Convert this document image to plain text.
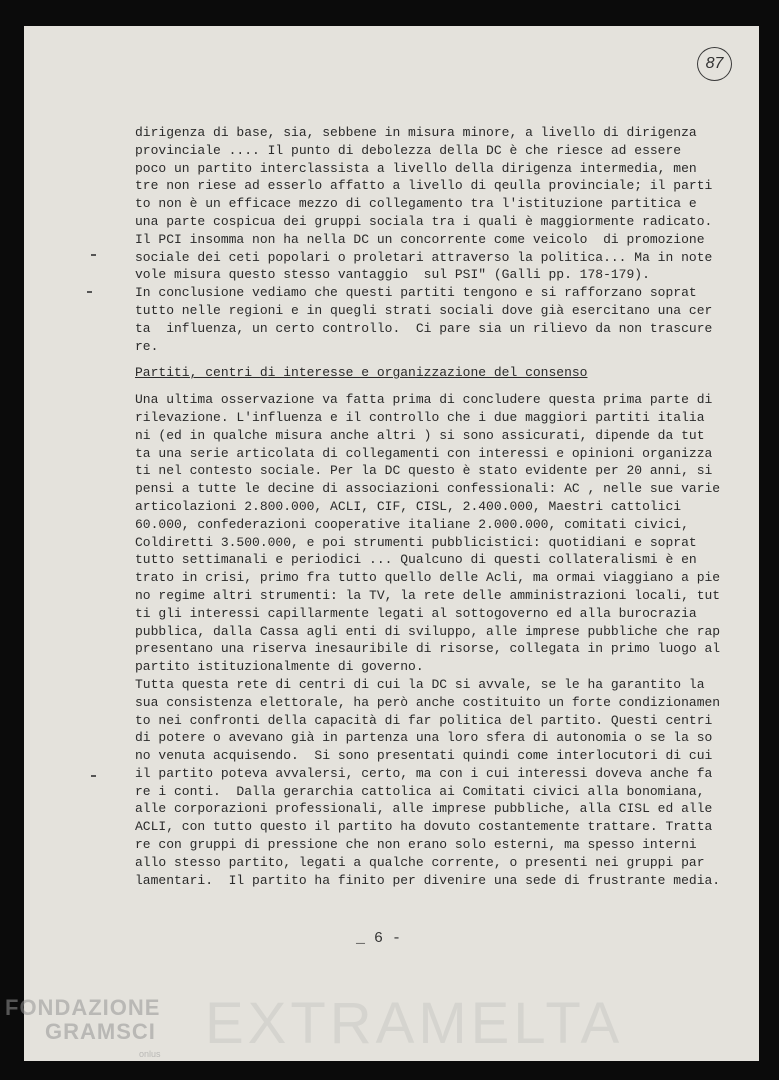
87
dirigenza di base, sia, sebbene in misura minore, a livello di dirigenza
provinciale .... Il punto di debolezza della DC è che riesce ad essere
poco un partito interclassista a livello della dirigenza intermedia, men
tre non riese ad esserlo affatto a livello di qeulla provinciale; il parti
to non è un efficace mezzo di collegamento tra l'istituzione partitica e
una parte cospicua dei gruppi sociala tra i quali è maggiormente radicato.
Il PCI insomma non ha nella DC un concorrente come veicolo  di promozione
sociale dei ceti popolari o proletari attraverso la politica... Ma in note
vole misura questo stesso vantaggio  sul PSI" (Galli pp. 178-179).
In conclusione vediamo che questi partiti tengono e si rafforzano soprat
tutto nelle regioni e in quegli strati sociali dove già esercitano una cer
ta  influenza, un certo controllo.  Ci pare sia un rilievo da non trascure
re.
Partiti, centri di interesse e organizzazione del consenso
Una ultima osservazione va fatta prima di concludere questa prima parte di
rilevazione. L'influenza e il controllo che i due maggiori partiti italia
ni (ed in qualche misura anche altri ) si sono assicurati, dipende da tut
ta una serie articolata di collegamenti con interessi e opinioni organizza
ti nel contesto sociale. Per la DC questo è stato evidente per 20 anni, si
pensi a tutte le decine di associazioni confessionali: AC , nelle sue varie
articolazioni 2.800.000, ACLI, CIF, CISL, 2.400.000, Maestri cattolici
60.000, confederazioni cooperative italiane 2.000.000, comitati civici,
Coldiretti 3.500.000, e poi strumenti pubblicistici: quotidiani e soprat
tutto settimanali e periodici ... Qualcuno di questi collateralismi è en
trato in crisi, primo fra tutto quello delle Acli, ma ormai viaggiano a pie
no regime altri strumenti: la TV, la rete delle amministrazioni locali, tut
ti gli interessi capillarmente legati al sottogoverno ed alla burocrazia
pubblica, dalla Cassa agli enti di sviluppo, alle imprese pubbliche che rap
presentano una riserva inesauribile di risorse, collegata in primo luogo al
partito istituzionalmente di governo.
Tutta questa rete di centri di cui la DC si avvale, se le ha garantito la
sua consistenza elettorale, ha però anche costituito un forte condizionamen
to nei confronti della capacità di far politica del partito. Questi centri
di potere o avevano già in partenza una loro sfera di autonomia o se la so
no venuta acquisendo.  Si sono presentati quindi come interlocutori di cui
il partito poteva avvalersi, certo, ma con i cui interessi doveva anche fa
re i conti.  Dalla gerarchia cattolica ai Comitati civici alla bonomiana,
alle corporazioni professionali, alle imprese pubbliche, alla CISL ed alle
ACLI, con tutto questo il partito ha dovuto costantemente trattare. Tratta
re con gruppi di pressione che non erano solo esterni, ma spesso interni
allo stesso partito, legati a qualche corrente, o presenti nei gruppi par
lamentari.  Il partito ha finito per divenire una sede di frustrante media.
_ 6 -
EXTRAMELTA
FONDAZIONE
GRAMSCI
onlus
